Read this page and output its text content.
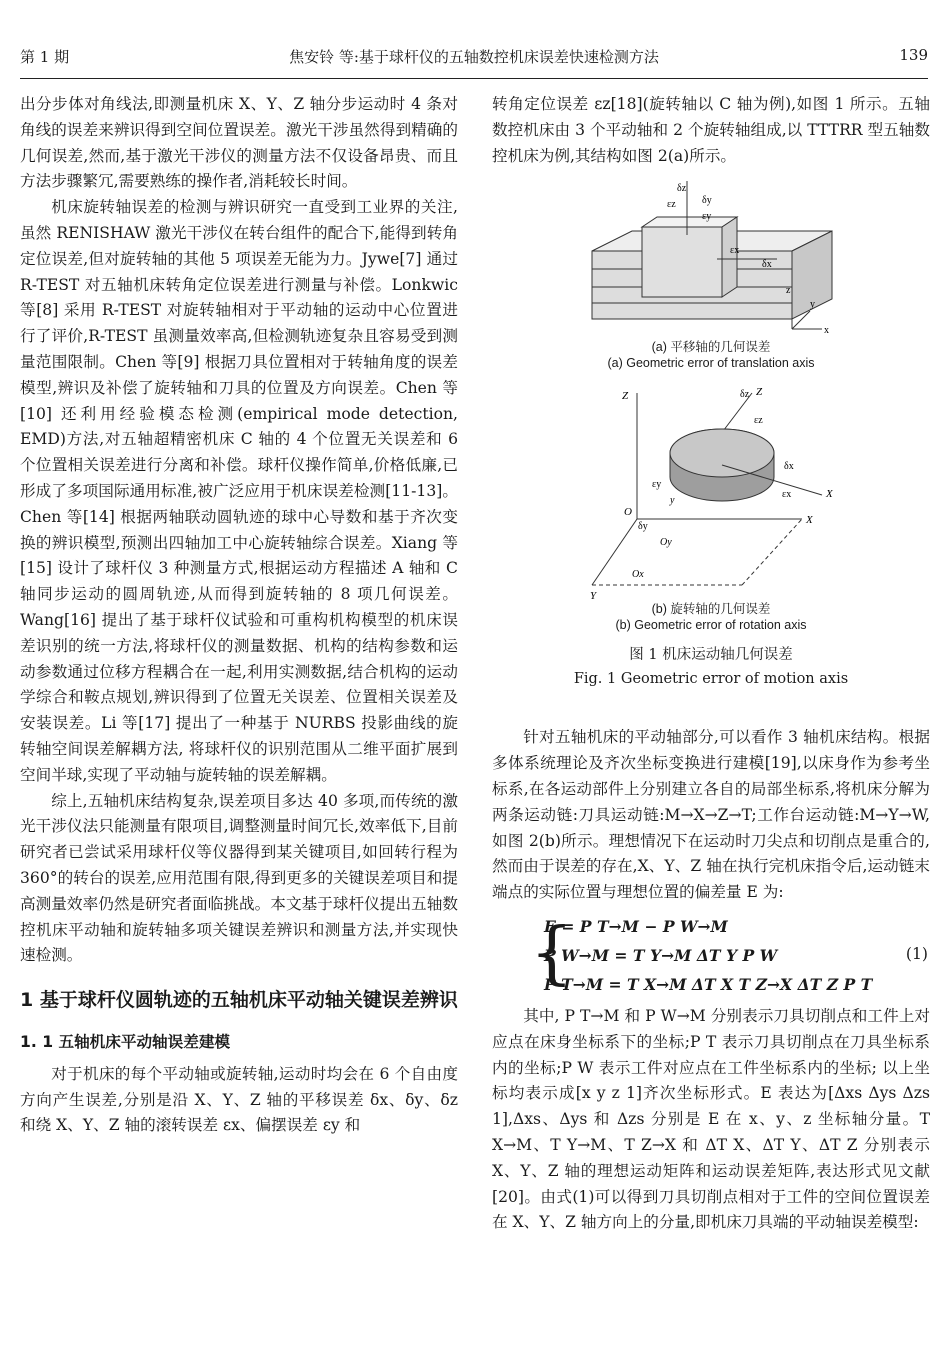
第 1 期	焦安铃 等:基于球杆仪的五轴数控机床误差快速检测方法	139

出分步体对角线法,即测量机床 X、Y、Z 轴分步运动时 4 条对角线的误差来辨识得到空间位置误差。激光干涉虽然得到精确的几何误差,然而,基于激光干涉仪的测量方法不仅设备昂贵、而且方法步骤繁冗,需要熟练的操作者,消耗较长时间。

机床旋转轴误差的检测与辨识研究一直受到工业界的关注,虽然 RENISHAW 激光干涉仪在转台组件的配合下,能得到转角定位误差,但对旋转轴的其他 5 项误差无能为力。Jywe[7] 通过 R-TEST 对五轴机床转角定位误差进行测量与补偿。Lonkwic 等[8] 采用 R-TEST 对旋转轴相对于平动轴的运动中心位置进行了评价,R-TEST 虽测量效率高,但检测轨迹复杂且容易受到测量范围限制。Chen 等[9] 根据刀具位置相对于转轴角度的误差模型,辨识及补偿了旋转轴和刀具的位置及方向误差。Chen 等[10] 还利用经验模态检测(empirical mode detection, EMD)方法,对五轴超精密机床 C 轴的 4 个位置无关误差和 6 个位置相关误差进行分离和补偿。球杆仪操作简单,价格低廉,已形成了多项国际通用标准,被广泛应用于机床误差检测[11-13]。Chen 等[14] 根据两轴联动圆轨迹的球中心导数和基于齐次变换的辨识模型,预测出四轴加工中心旋转轴综合误差。Xiang 等[15] 设计了球杆仪 3 种测量方式,根据运动方程描述 A 轴和 C 轴同步运动的圆周轨迹,从而得到旋转轴的 8 项几何误差。Wang[16] 提出了基于球杆仪试验和可重构机构模型的机床误差识别的统一方法,将球杆仪的测量数据、机构的结构参数和运动参数通过位移方程耦合在一起,利用实测数据,结合机构的运动学综合和鞍点规划,辨识得到了位置无关误差、位置相关误差及安装误差。Li 等[17] 提出了一种基于 NURBS 投影曲线的旋转轴空间误差解耦方法, 将球杆仪的识别范围从二维平面扩展到空间半球,实现了平动轴与旋转轴的误差解耦。

综上,五轴机床结构复杂,误差项目多达 40 多项,而传统的激光干涉仪法只能测量有限项目,调整测量时间冗长,效率低下,目前研究者已尝试采用球杆仪等仪器得到某关键项目,如回转行程为 360°的转台的误差,应用范围有限,得到更多的关键误差项目和提高测量效率仍然是研究者面临挑战。本文基于球杆仪提出五轴数控机床平动轴和旋转轴多项关键误差辨识和测量方法,并实现快速检测。

1 基于球杆仪圆轨迹的五轴机床平动轴关键误差辨识
1. 1 五轴机床平动轴误差建模

对于机床的每个平动轴或旋转轴,运动时均会在 6 个自由度方向产生误差,分别是沿 X、Y、Z 轴的平移误差 δx、δy、δz 和绕 X、Y、Z 轴的滚转误差 εx、偏摆误差 εy 和

转角定位误差 εz[18](旋转轴以 C 轴为例),如图 1 所示。五轴数控机床由 3 个平动轴和 2 个旋转轴组成,以 TTTRR 型五轴数控机床为例,其结构如图 2(a)所示。

δz
εz	δy
εy
εx
δx
z
y
x
(a) 平移轴的几何误差
(a) Geometric error of translation axis
Z	Z
δz
εz
δx
εx	X
εy
y
O
δy
X
Oy
Ox
Y
(b) 旋转轴的几何误差
(b) Geometric error of rotation axis
图 1 机床运动轴几何误差
Fig. 1 Geometric error of motion axis

针对五轴机床的平动轴部分,可以看作 3 轴机床结构。根据多体系统理论及齐次坐标变换进行建模[19],以床身作为参考坐标系,在各运动部件上分别建立各自的局部坐标系,将机床分解为两条运动链:刀具运动链:M→X→Z→T;工作台运动链:M→Y→W,如图 2(b)所示。理想情况下在运动时刀尖点和切削点是重合的,然而由于误差的存在,X、Y、Z 轴在执行完机床指令后,运动链末端点的实际位置与理想位置的偏差量 E 为:

{
E = P T→M − P W→M
P W→M = T Y→M ΔT Y P W
P T→M = T X→M ΔT X T Z→X ΔT Z P T
(1)

其中, P T→M 和 P W→M 分别表示刀具切削点和工件上对应点在床身坐标系下的坐标;P T 表示刀具切削点在刀具坐标系内的坐标;P W 表示工件对应点在工件坐标系内的坐标; 以上坐标均表示成[x y z 1]齐次坐标形式。E 表达为[Δxs Δys Δzs 1],Δxs、Δys 和 Δzs 分别是 E 在 x、y、z 坐标轴分量。T X→M、T Y→M、T Z→X 和 ΔT X、ΔT Y、ΔT Z 分别表示 X、Y、Z 轴的理想运动矩阵和运动误差矩阵,表达形式见文献[20]。由式(1)可以得到刀具切削点相对于工件的空间位置误差在 X、Y、Z 轴方向上的分量,即机床刀具端的平动轴误差模型:
